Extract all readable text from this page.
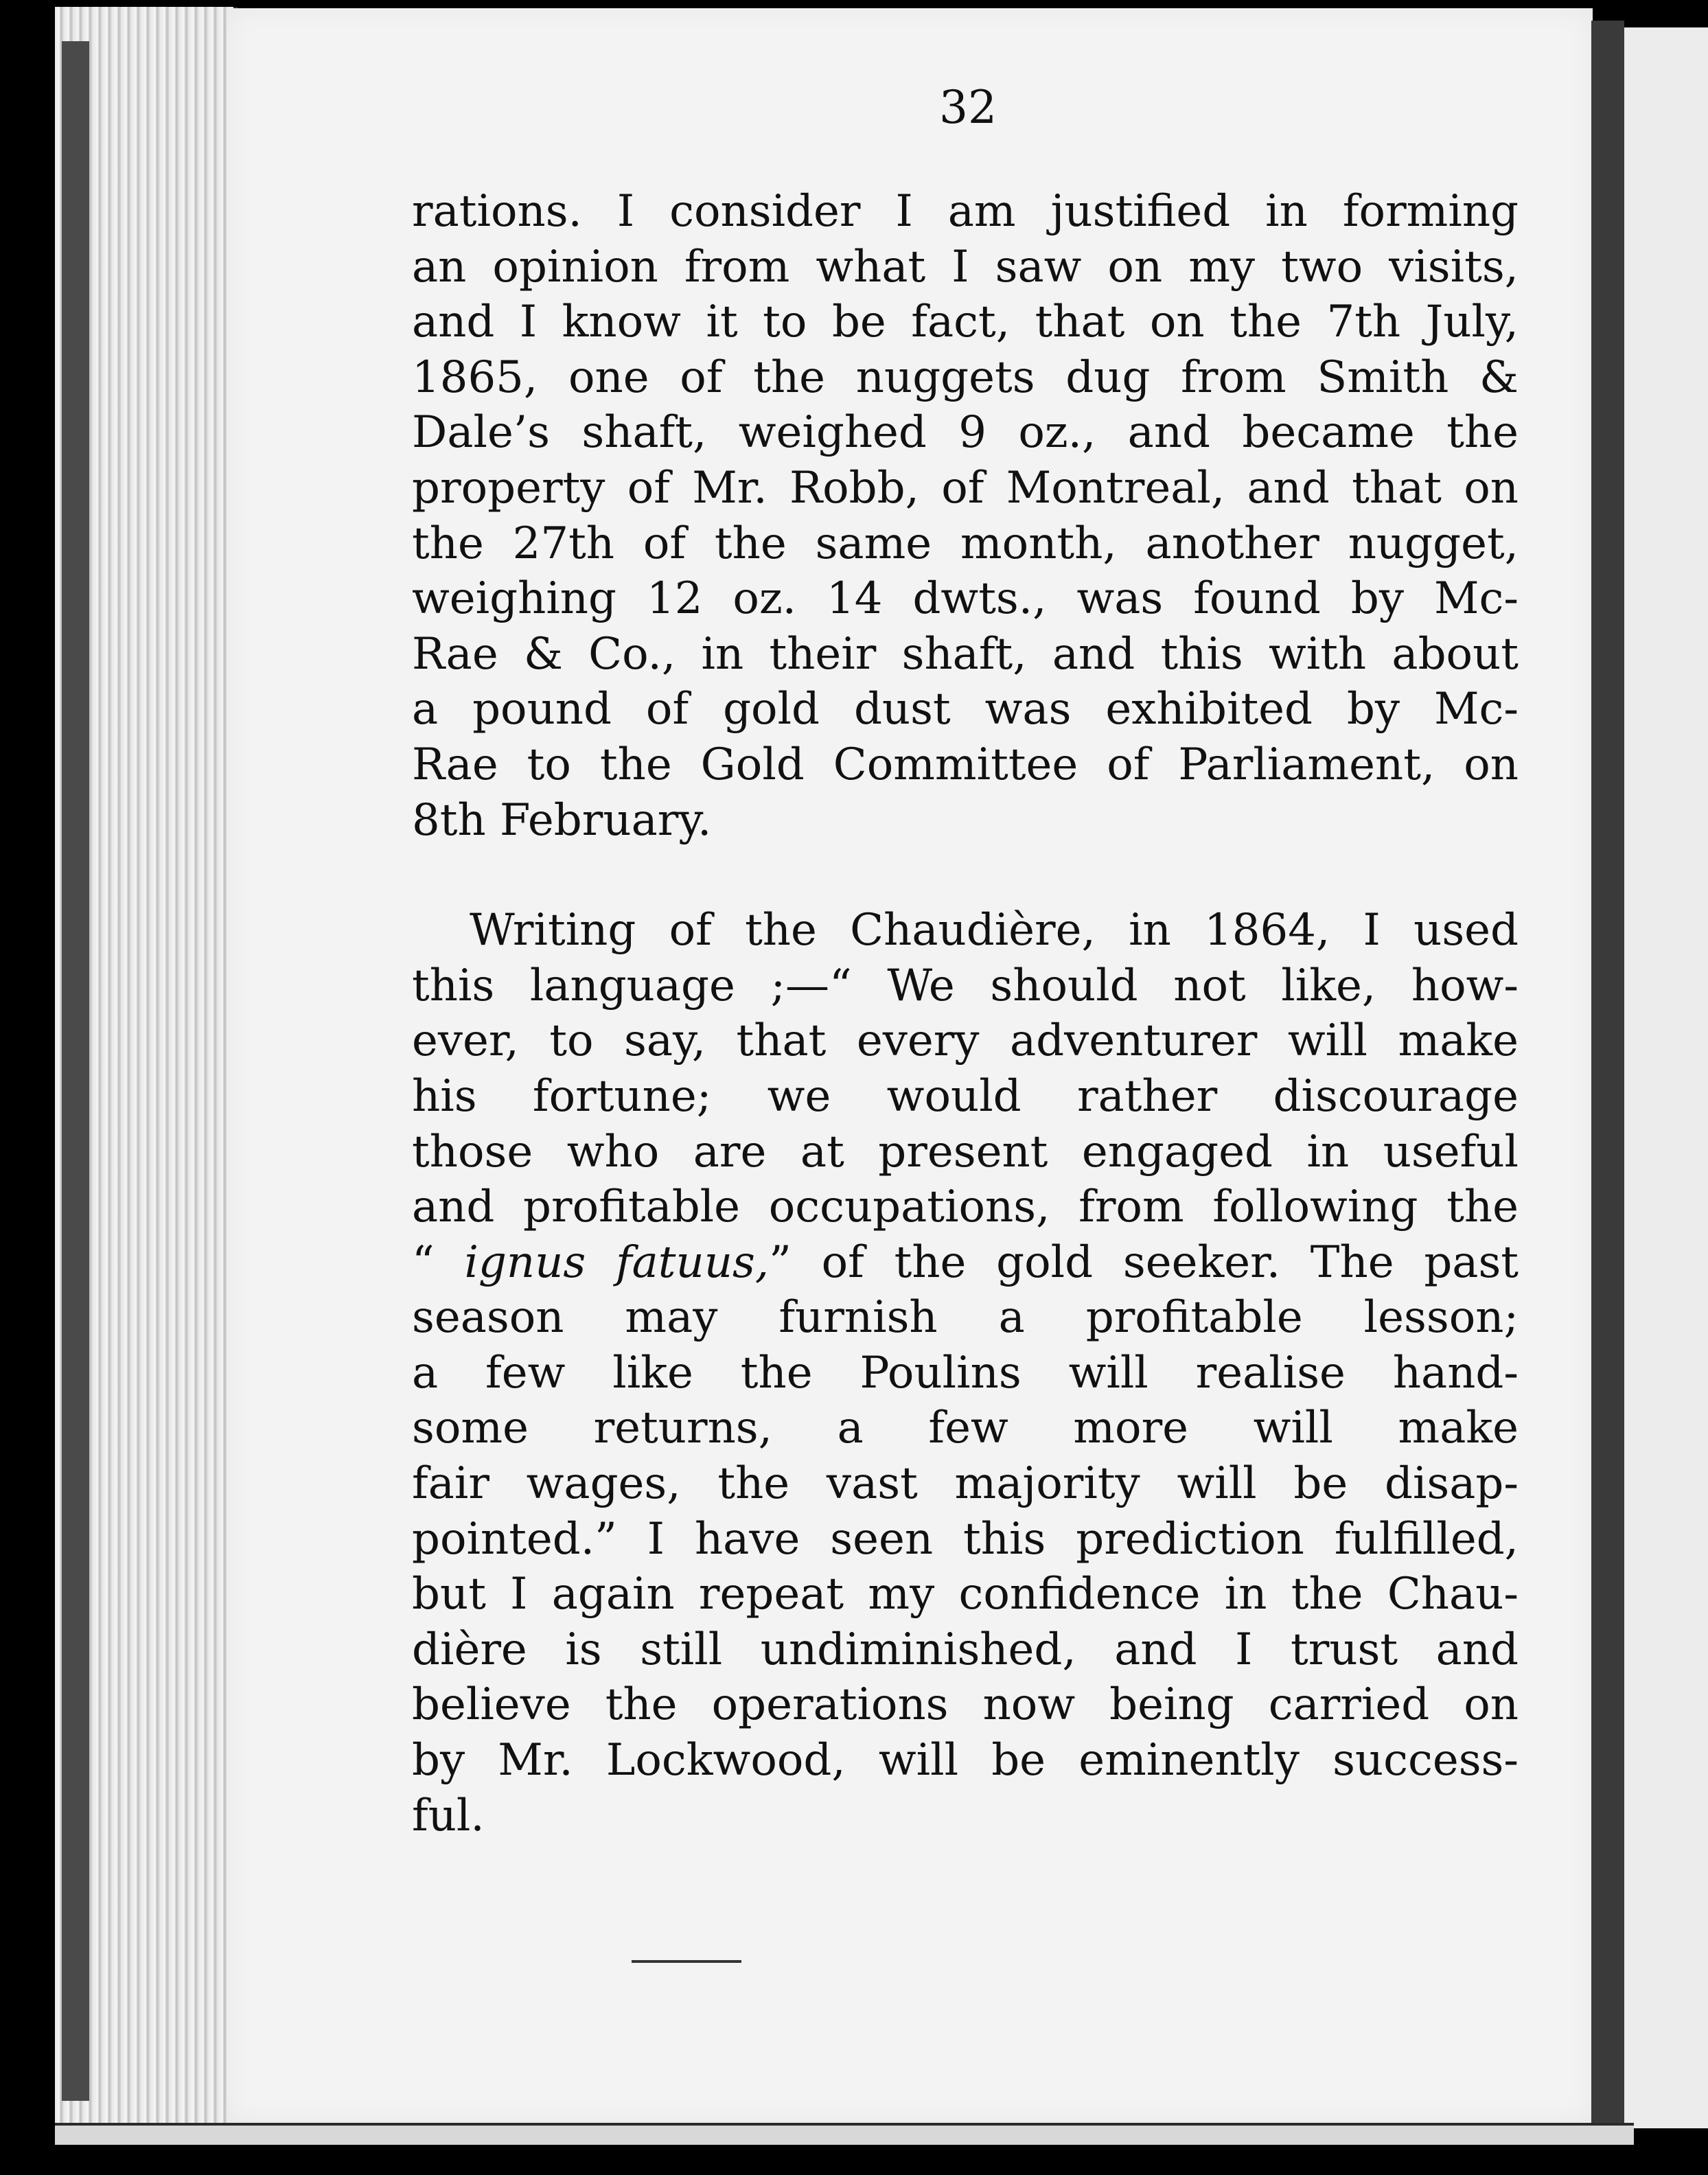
32
rations. I consider I am justified in forming
an opinion from what I saw on my two visits,
and I know it to be fact, that on the 7th July,
1865, one of the nuggets dug from Smith &
Dale’s shaft, weighed 9 oz., and became the
property of Mr. Robb, of Montreal, and that on
the 27th of the same month, another nugget,
weighing 12 oz. 14 dwts., was found by Mc-
Rae & Co., in their shaft, and this with about
a pound of gold dust was exhibited by Mc-
Rae to the Gold Committee of Parliament, on
8th February.
Writing of the Chaudière, in 1864, I used
this language ;—“ We should not like, how-
ever, to say, that every adventurer will make
his fortune; we would rather discourage
those who are at present engaged in useful
and profitable occupations, from following the
“ ignus fatuus,” of the gold seeker. The past
season may furnish a profitable lesson;
a few like the Poulins will realise hand-
some returns, a few more will make
fair wages, the vast majority will be disap-
pointed.” I have seen this prediction fulfilled,
but I again repeat my confidence in the Chau-
dière is still undiminished, and I trust and
believe the operations now being carried on
by Mr. Lockwood, will be eminently success-
ful.
